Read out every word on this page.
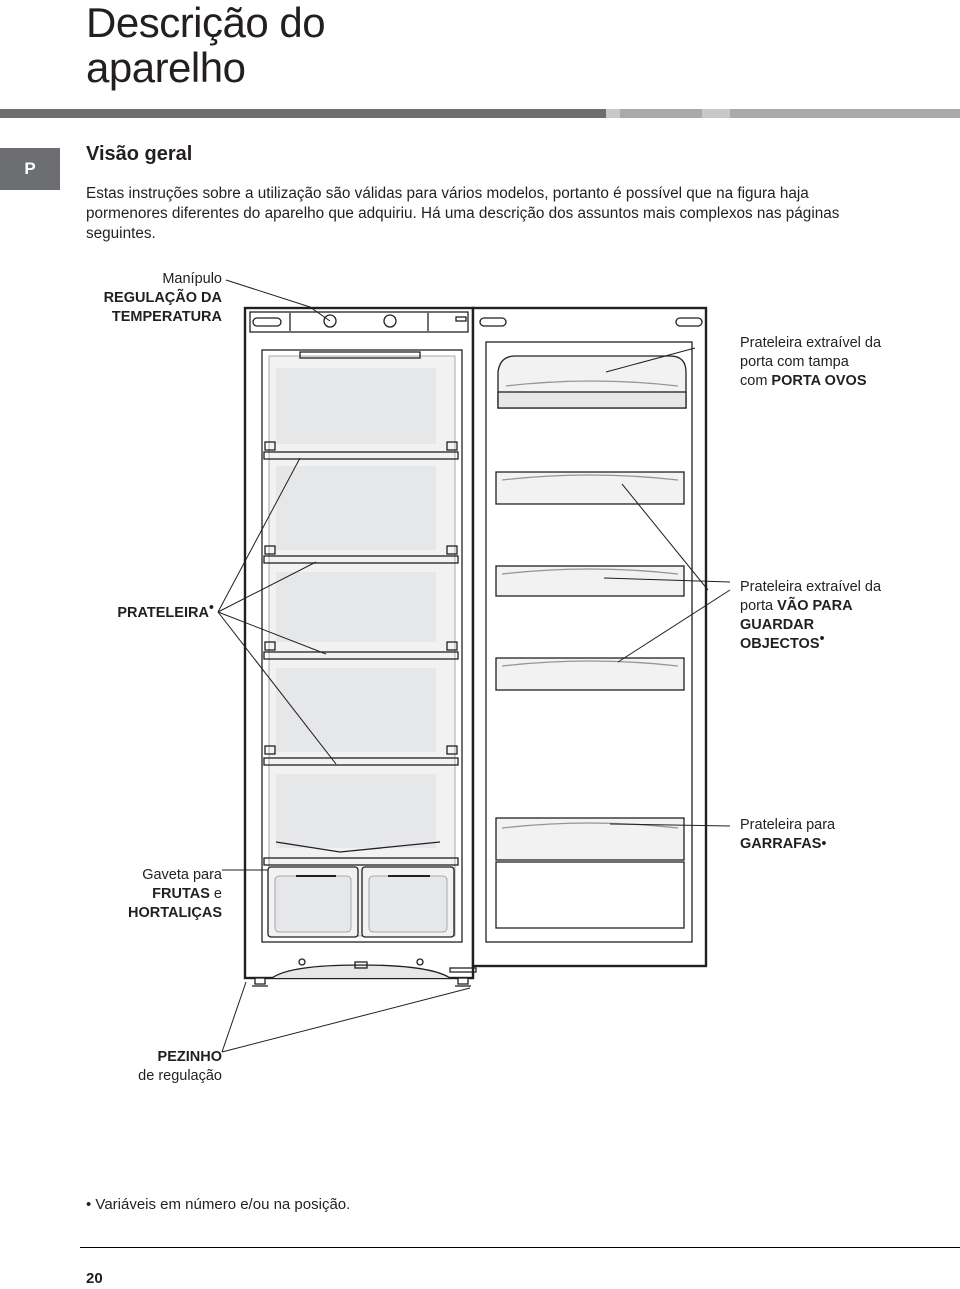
Descrição do
aparelho
P
Visão geral

Estas instruções sobre a utilização são válidas para vários modelos, portanto é possível que na figura haja pormenores diferentes do aparelho que adquiriu. Há uma descrição dos assuntos mais complexos nas páginas seguintes.

Manípulo
REGULAÇÃO DA
TEMPERATURA
Prateleira extraível da
porta com tampa
com PORTA OVOS
PRATELEIRA•
Prateleira extraível da
porta VÃO PARA
GUARDAR
OBJECTOS•
Prateleira para
GARRAFAS•
Gaveta para
FRUTAS e
HORTALIÇAS
PEZINHO
de regulação
• Variáveis em número e/ou na posição.
20
